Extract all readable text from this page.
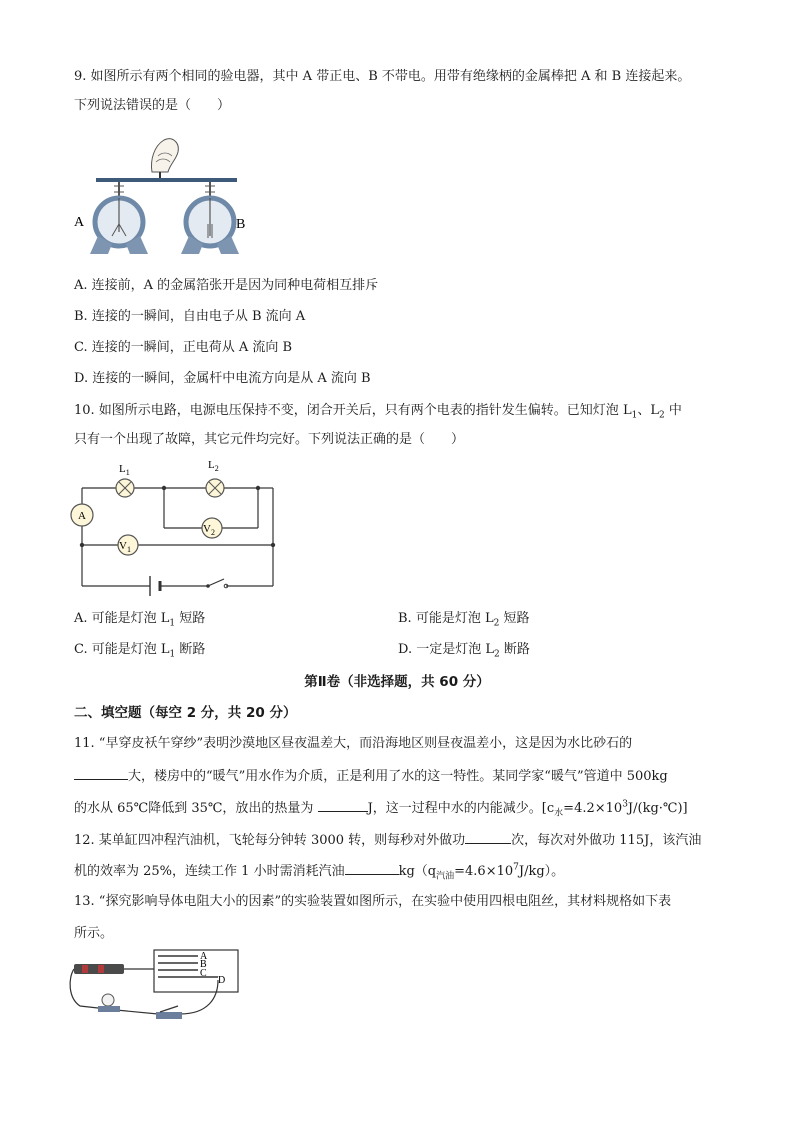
9. 如图所示有两个相同的验电器，其中 A 带正电、B 不带电。用带有绝缘柄的金属棒把 A 和 B 连接起来。
下列说法错误的是（　　）
A	B
A. 连接前，A 的金属箔张开是因为同种电荷相互排斥
B. 连接的一瞬间，自由电子从 B 流向 A
C. 连接的一瞬间，正电荷从 A 流向 B
D. 连接的一瞬间，金属杆中电流方向是从 A 流向 B
10. 如图所示电路，电源电压保持不变，闭合开关后，只有两个电表的指针发生偏转。已知灯泡 $L_1$、$L_2$ 中
只有一个出现了故障，其它元件均完好。下列说法正确的是（　　）
$L_1$
$L_2$
A
$V_1$
$V_2$
A. 可能是灯泡 $L_1$ 短路	B. 可能是灯泡 $L_2$ 短路
C. 可能是灯泡 $L_1$ 断路	D. 一定是灯泡 $L_2$ 断路
第Ⅱ卷（非选择题，共 60 分）
二、填空题（每空 2 分，共 20 分）
11. “早穿皮袄午穿纱”表明沙漠地区昼夜温差大，而沿海地区则昼夜温差小，这是因为水比砂石的
大，楼房中的“暖气”用水作为介质，正是利用了水的这一特性。某同学家“暖气”管道中 500kg
的水从 65℃降低到 35℃，放出的热量为	J，这一过程中水的内能减少。$[c_水=4.2\times 10^3J/(kg\cdot℃)]$
12. 某单缸四冲程汽油机，飞轮每分钟转 3000 转，则每秒对外做功	次，每次对外做功 115J，该汽油
机的效率为 25%，连续工作 1 小时需消耗汽油	$kg(q_{汽油}=4.6\times 10^7J/kg)$。
13. “探究影响导体电阻大小的因素”的实验装置如图所示，在实验中使用四根电阻丝，其材料规格如下表
所示。
A
B
C
D
